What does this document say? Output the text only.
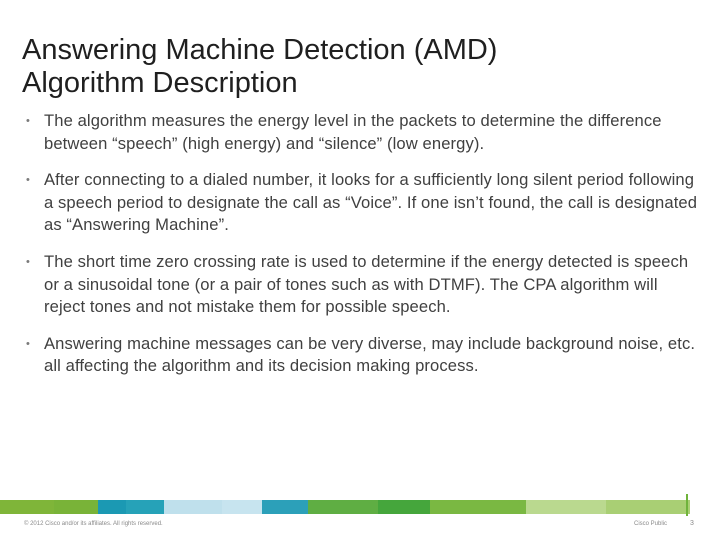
Answering Machine Detection (AMD)
Algorithm Description
• The algorithm measures the energy level in the packets to determine the difference between “speech” (high energy) and “silence” (low energy).
• After connecting to a dialed number, it looks for a sufficiently long silent period following a speech period to designate the call as “Voice”. If one isn’t found, the call is designated as “Answering Machine”.
• The short time zero crossing rate is used to determine if the energy detected is speech or a sinusoidal tone (or a pair of tones such as with DTMF). The CPA algorithm will reject tones and not mistake them for possible speech.
• Answering machine messages can be very diverse, may include background noise, etc. all affecting the algorithm and its decision making process.
© 2012 Cisco and/or its affiliates. All rights reserved.	Cisco Public	3
